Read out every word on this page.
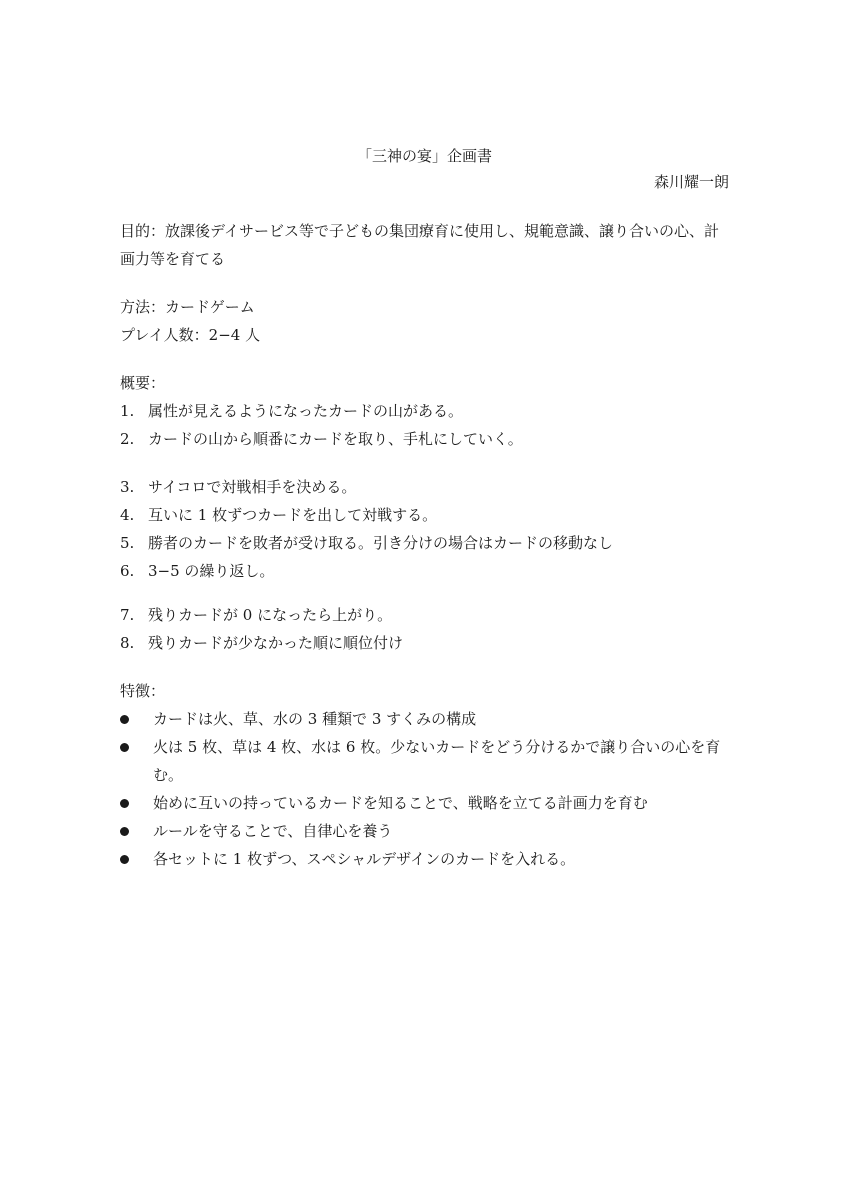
「三神の宴」企画書
森川耀一朗
目的：放課後デイサービス等で子どもの集団療育に使用し、規範意識、譲り合いの心、計画力等を育てる
方法：カードゲーム
プレイ人数：2−4 人
概要：
1. 属性が見えるようになったカードの山がある。
2. カードの山から順番にカードを取り、手札にしていく。
3. サイコロで対戦相手を決める。
4. 互いに 1 枚ずつカードを出して対戦する。
5. 勝者のカードを敗者が受け取る。引き分けの場合はカードの移動なし
6. 3−5 の繰り返し。
7. 残りカードが 0 になったら上がり。
8. 残りカードが少なかった順に順位付け
特徴：
カードは火、草、水の 3 種類で 3 すくみの構成
火は 5 枚、草は 4 枚、水は 6 枚。少ないカードをどう分けるかで譲り合いの心を育む。
始めに互いの持っているカードを知ることで、戦略を立てる計画力を育む
ルールを守ることで、自律心を養う
各セットに 1 枚ずつ、スペシャルデザインのカードを入れる。
